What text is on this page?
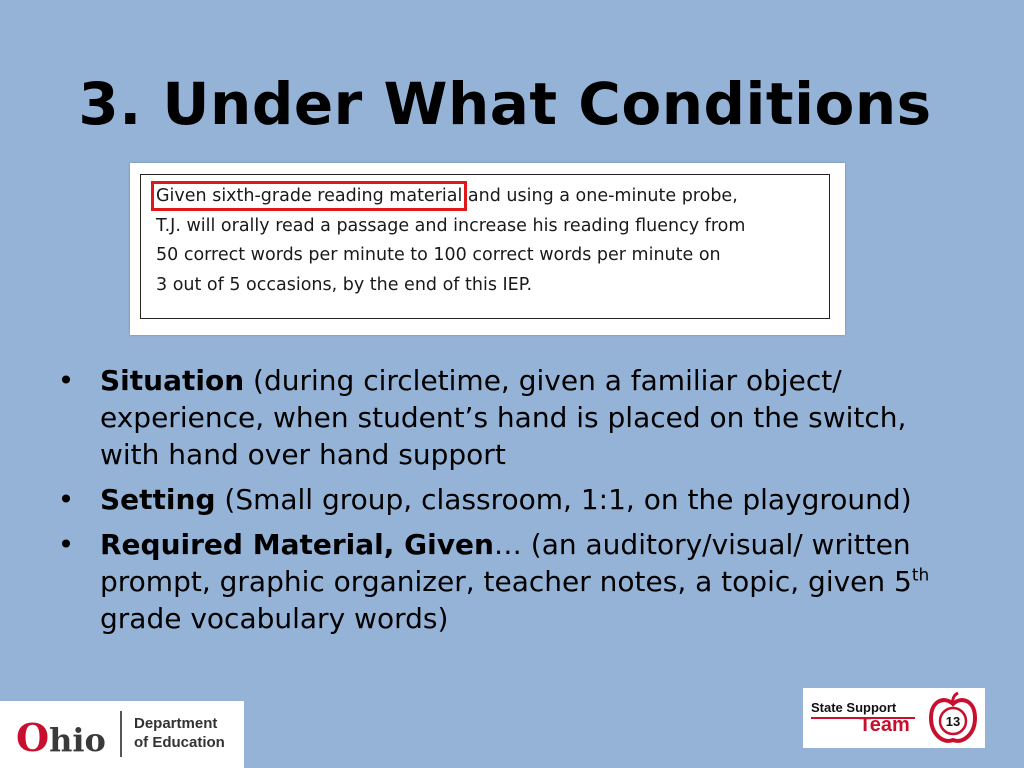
3. Under What Conditions
Given sixth-grade reading material and using a one-minute probe,
T.J. will orally read a passage and increase his reading fluency from
50 correct words per minute to 100 correct words per minute on
3 out of 5 occasions, by the end of this IEP.
• Situation (during circletime, given a familiar object/ experience, when student’s hand is placed on the switch, with hand over hand support
• Setting (Small group, classroom, 1:1, on the playground)
• Required Material, Given… (an auditory/visual/ written prompt, graphic organizer, teacher notes, a topic, given 5th grade vocabulary words)
Ohio Department
of Education
State Support
Team	13
